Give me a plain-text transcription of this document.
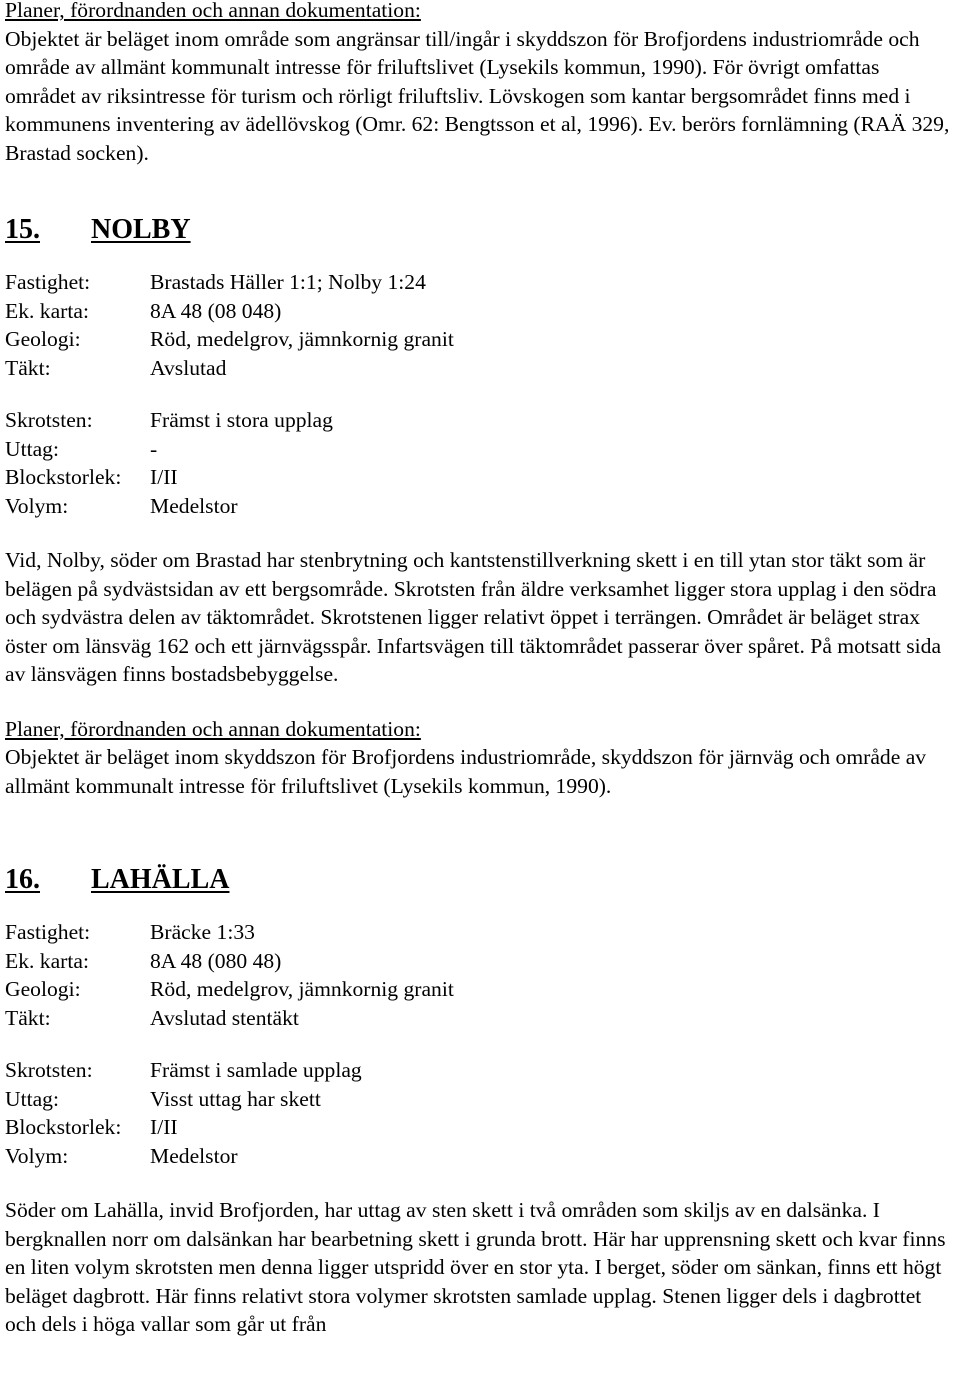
Planer, förordnanden och annan dokumentation:

Objektet är beläget inom område som angränsar till/ingår i skyddszon för Brofjordens industriområde och område av allmänt kommunalt intresse för friluftslivet (Lysekils kommun, 1990). För övrigt omfattas området av riksintresse för turism och rörligt friluftsliv. Lövskogen som kantar bergsområdet finns med i kommunens inventering av ädellövskog (Omr. 62: Bengtsson et al, 1996). Ev. berörs fornlämning (RAÄ 329, Brastad socken).

15. NOLBY

Fastighet:	Brastads Häller 1:1; Nolby 1:24
Ek. karta:	8A 48 (08 048)
Geologi:	Röd, medelgrov, jämnkornig granit
Täkt:	Avslutad
Skrotsten:	Främst i stora upplag
Uttag:	-
Blockstorlek:	I/II
Volym:	Medelstor

Vid, Nolby, söder om Brastad har stenbrytning och kantstenstillverkning skett i en till ytan stor täkt som är belägen på sydvästsidan av ett bergsområde. Skrotsten från äldre verksamhet ligger stora upplag i den södra och sydvästra delen av täktområdet. Skrotstenen ligger relativt öppet i terrängen. Området är beläget strax öster om länsväg 162 och ett järnvägsspår. Infartsvägen till täktområdet passerar över spåret. På motsatt sida av länsvägen finns bostadsbebyggelse.

Planer, förordnanden och annan dokumentation:

Objektet är beläget inom skyddszon för Brofjordens industriområde, skyddszon för järnväg och område av allmänt kommunalt intresse för friluftslivet (Lysekils kommun, 1990).

16. LAHÄLLA

Fastighet:	Bräcke 1:33
Ek. karta:	8A 48 (080 48)
Geologi:	Röd, medelgrov, jämnkornig granit
Täkt:	Avslutad stentäkt
Skrotsten:	Främst i samlade upplag
Uttag:	Visst uttag har skett
Blockstorlek:	I/II
Volym:	Medelstor

Söder om Lahälla, invid Brofjorden, har uttag av sten skett i två områden som skiljs av en dalsänka. I bergknallen norr om dalsänkan har bearbetning skett i grunda brott. Här har upprensning skett och kvar finns en liten volym skrotsten men denna ligger utspridd över en stor yta. I berget, söder om sänkan, finns ett högt beläget dagbrott. Här finns relativt stora volymer skrotsten samlade upplag. Stenen ligger dels i dagbrottet och dels i höga vallar som går ut från
